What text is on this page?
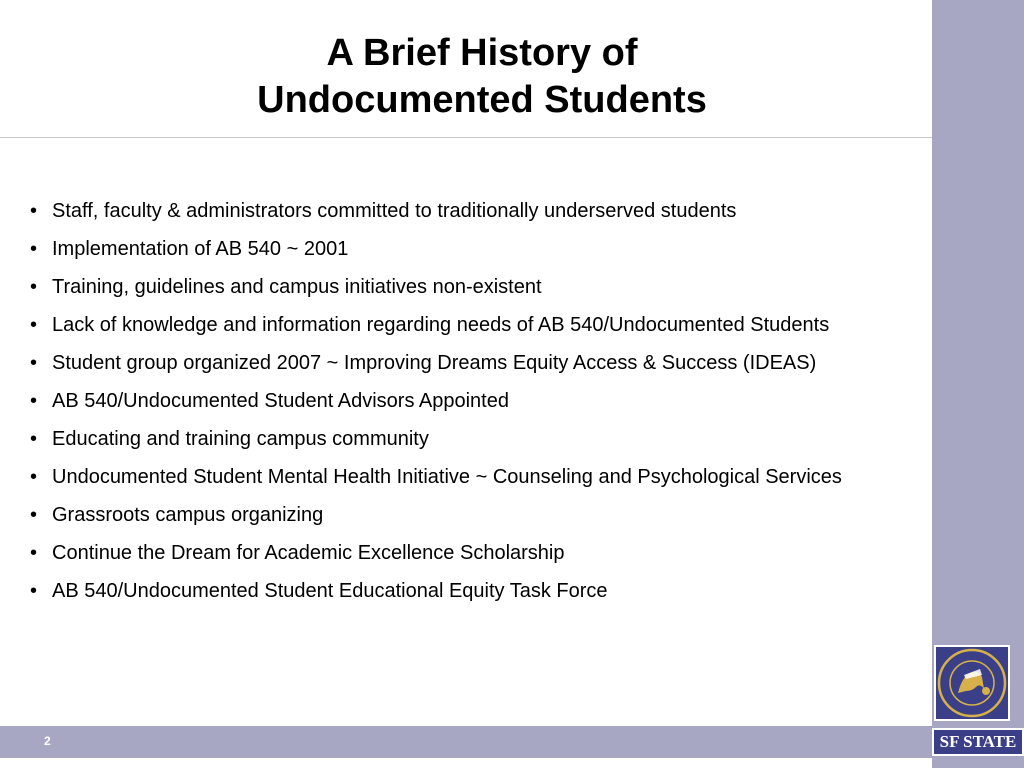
A Brief History of
Undocumented Students
• Staff, faculty & administrators committed to traditionally underserved students
• Implementation of AB 540 ~ 2001
• Training, guidelines and campus initiatives non-existent
• Lack of knowledge and information regarding needs of AB 540/Undocumented Students
• Student group organized 2007 ~ Improving Dreams Equity Access & Success (IDEAS)
• AB 540/Undocumented Student Advisors Appointed
• Educating and training campus community
• Undocumented Student Mental Health Initiative ~ Counseling and Psychological Services
• Grassroots campus organizing
• Continue the Dream for Academic Excellence Scholarship
• AB 540/Undocumented Student Educational Equity Task Force
2	SF STATE
